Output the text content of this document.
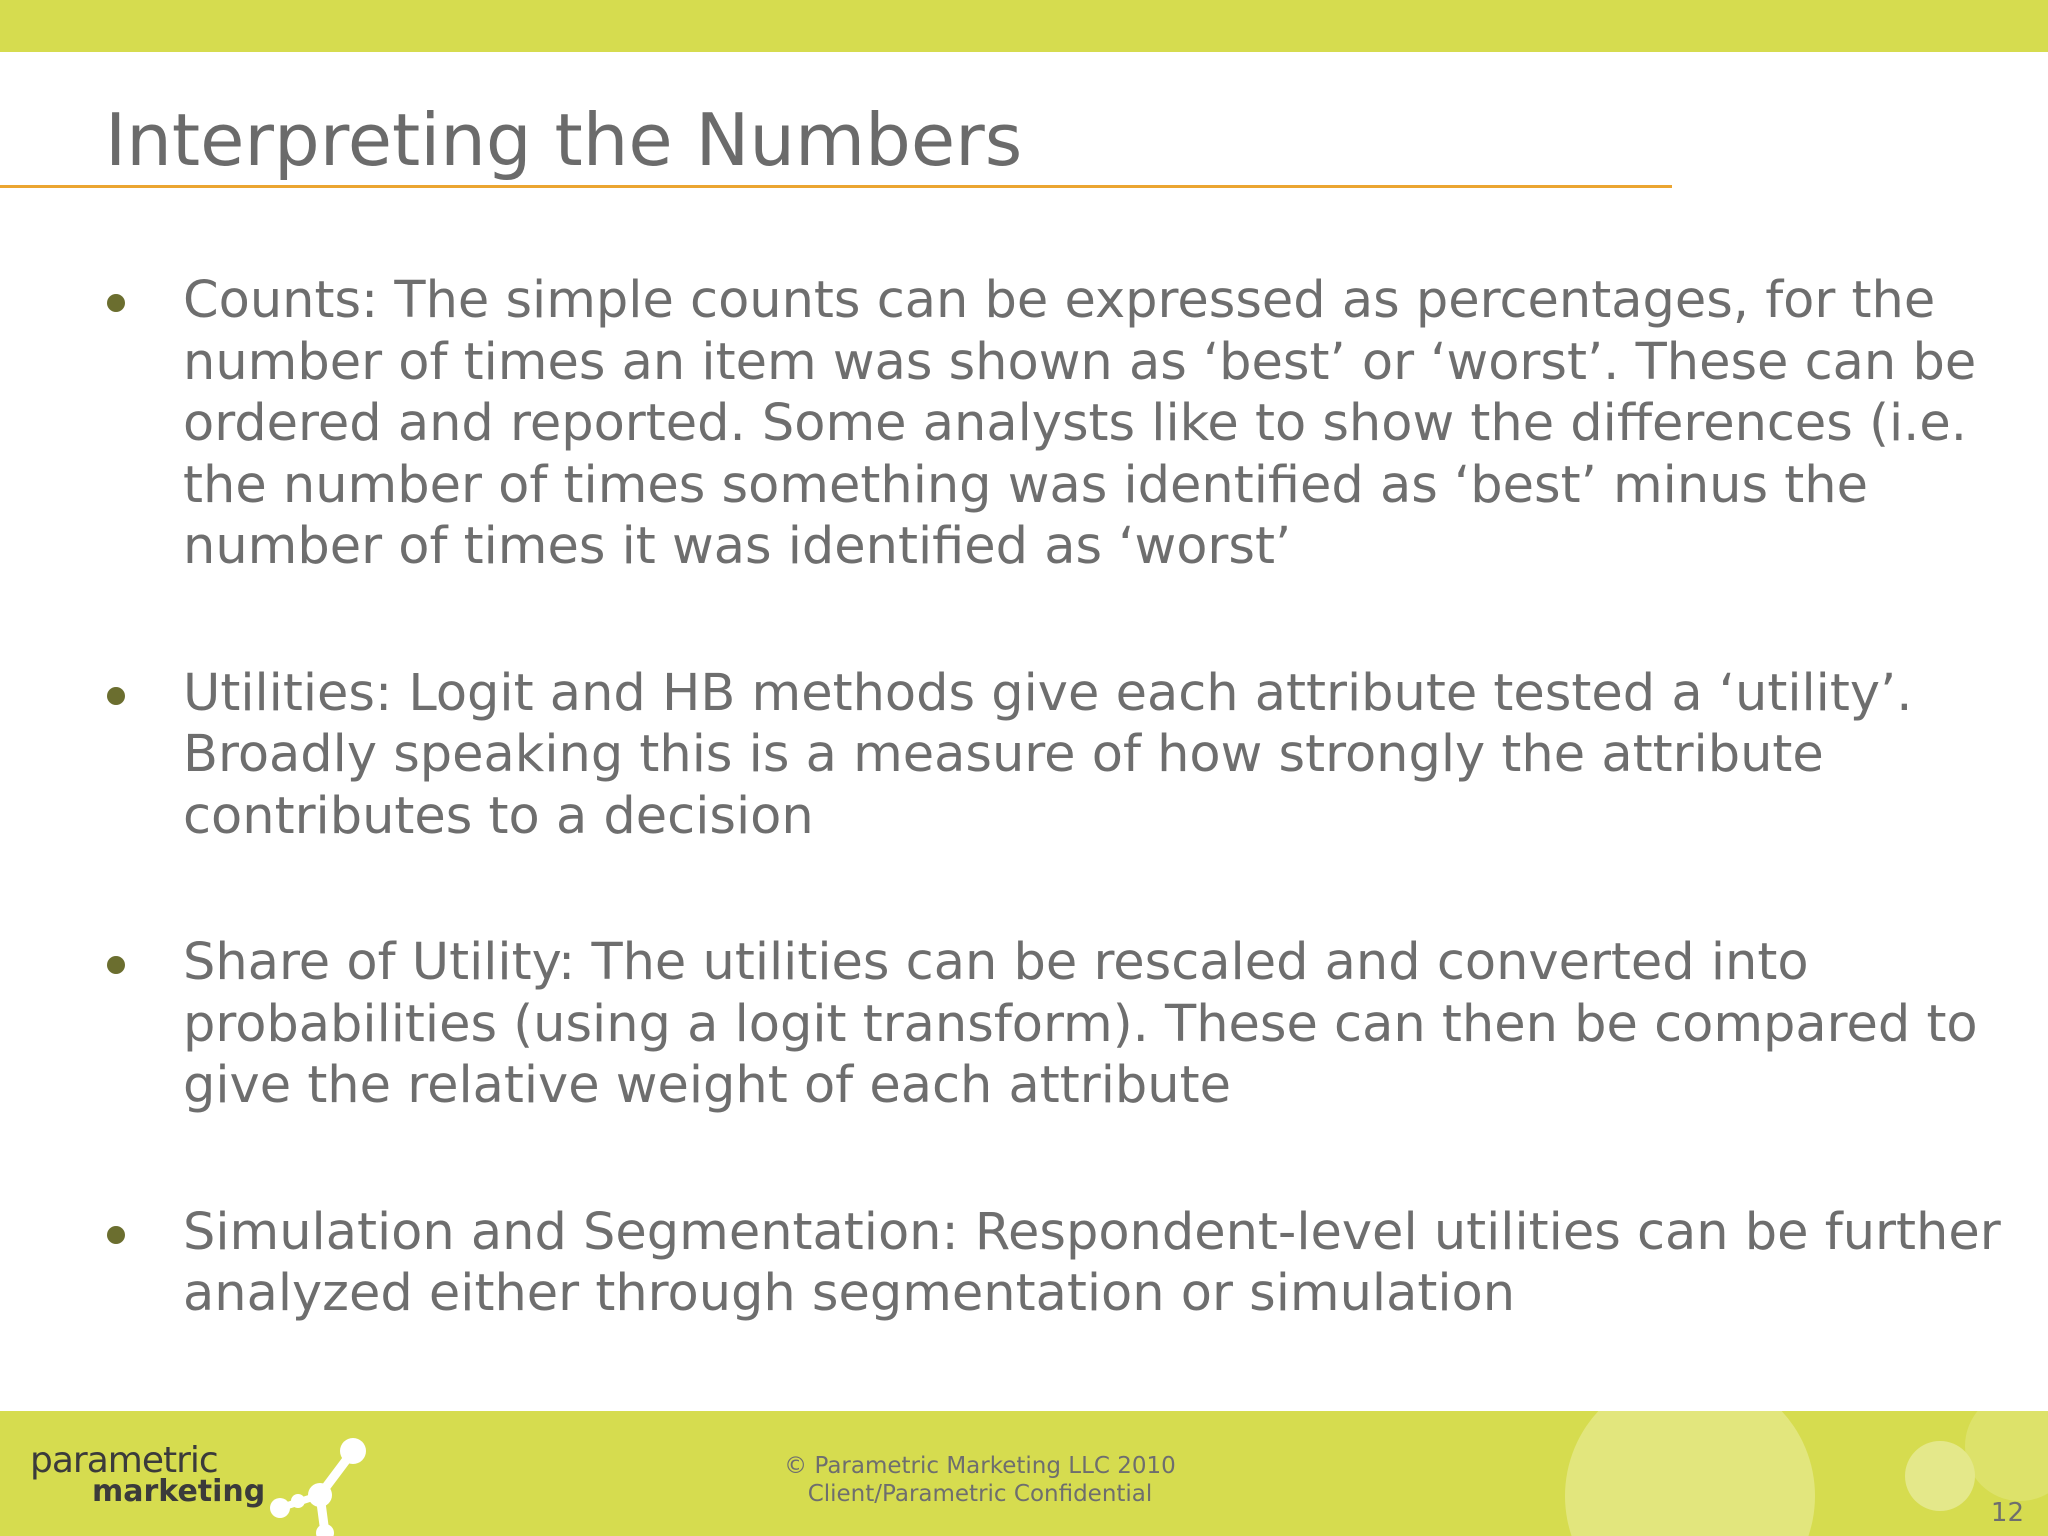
Interpreting the Numbers
Counts: The simple counts can be expressed as percentages, for the number of times an item was shown as ‘best’ or ‘worst’. These can be ordered and reported. Some analysts like to show the differences (i.e. the number of times something was identified as ‘best’ minus the number of times it was identified as ‘worst’
Utilities: Logit and HB methods give each attribute tested a ‘utility’. Broadly speaking this is a measure of how strongly the attribute contributes to a decision
Share of Utility: The utilities can be rescaled and converted into probabilities (using a logit transform). These can then be compared to give the relative weight of each attribute
Simulation and Segmentation: Respondent-level utilities can be further analyzed either through segmentation or simulation
parametric
marketing
© Parametric Marketing LLC 2010
Client/Parametric Confidential
12
